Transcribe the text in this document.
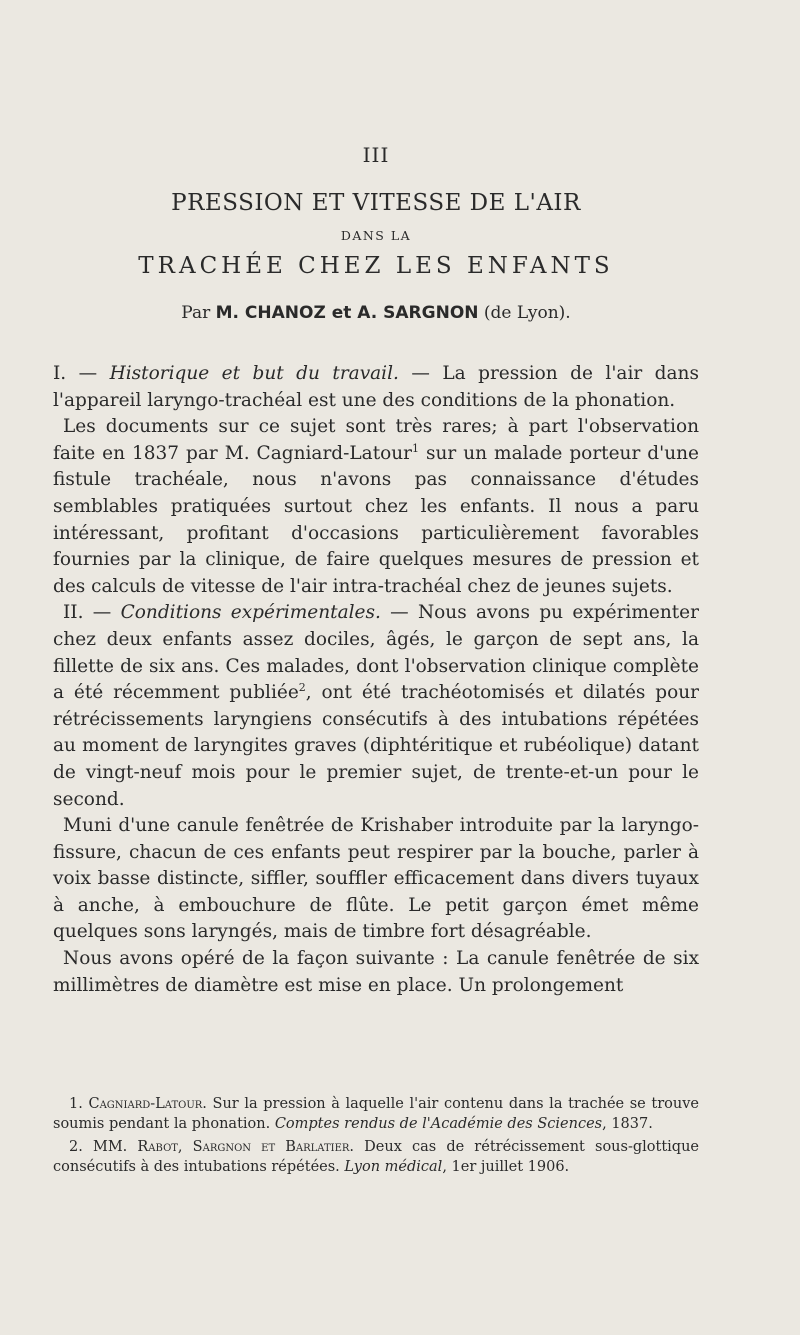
III
PRESSION ET VITESSE DE L'AIR
DANS LA
TRACHÉE CHEZ LES ENFANTS
Par M. CHANOZ et A. SARGNON (de Lyon).

I. — Historique et but du travail. — La pression de l'air dans l'appareil laryngo-trachéal est une des conditions de la phonation.

Les documents sur ce sujet sont très rares; à part l'observation faite en 1837 par M. Cagniard-Latour$^1$ sur un malade porteur d'une fistule trachéale, nous n'avons pas connaissance d'études semblables pratiquées surtout chez les enfants. Il nous a paru intéressant, profitant d'occasions particulièrement favorables fournies par la clinique, de faire quelques mesures de pression et des calculs de vitesse de l'air intra-trachéal chez de jeunes sujets.

II. — Conditions expérimentales. — Nous avons pu expérimenter chez deux enfants assez dociles, âgés, le garçon de sept ans, la fillette de six ans. Ces malades, dont l'observation clinique complète a été récemment publiée$^2$, ont été trachéotomisés et dilatés pour rétrécissements laryngiens consécutifs à des intubations répétées au moment de laryngites graves (diphtéritique et rubéolique) datant de vingt-neuf mois pour le premier sujet, de trente-et-un pour le second.

Muni d'une canule fenêtrée de Krishaber introduite par la laryngo-fissure, chacun de ces enfants peut respirer par la bouche, parler à voix basse distincte, siffler, souffler efficacement dans divers tuyaux à anche, à embouchure de flûte. Le petit garçon émet même quelques sons laryngés, mais de timbre fort désagréable.

Nous avons opéré de la façon suivante : La canule fenêtrée de six millimètres de diamètre est mise en place. Un prolongement

1. Cagniard-Latour. Sur la pression à laquelle l'air contenu dans la trachée se trouve soumis pendant la phonation. Comptes rendus de l'Académie des Sciences, 1837.

2. MM. Rabot, Sargnon et Barlatier. Deux cas de rétrécissement sous-glottique consécutifs à des intubations répétées. Lyon médical, 1er juillet 1906.
